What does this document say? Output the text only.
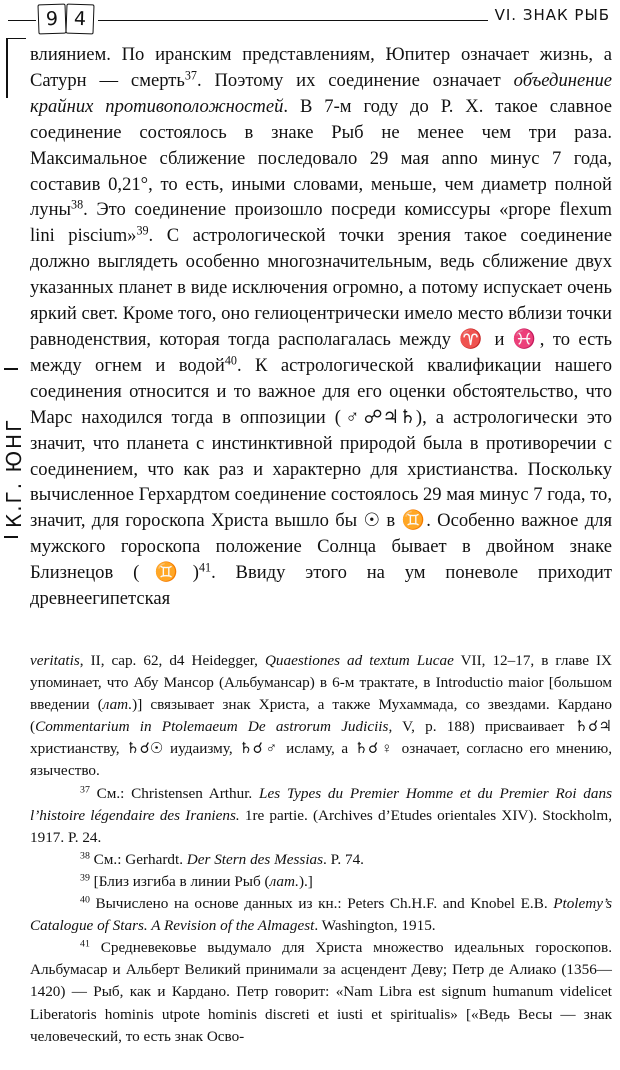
9 4	VI. ЗНАК РЫБ
К.Г. ЮНГ

влиянием. По иранским представлениям, Юпитер означает жизнь, а Сатурн — смерть$^{37}$. Поэтому их соединение означает объединение крайних противоположностей. В 7-м году до Р. Х. такое славное соединение состоялось в знаке Рыб не менее чем три раза. Максимальное сближение последовало 29 мая anno минус 7 года, составив 0,21°, то есть, иными словами, меньше, чем диаметр полной луны$^{38}$. Это соединение произошло посреди комиссуры «prope flexum lini piscium»$^{39}$. С астрологической точки зрения такое соединение должно выглядеть особенно многозначительным, ведь сближение двух указанных планет в виде исключения огромно, а потому испускает очень яркий свет. Кроме того, оно гелиоцентрически имело место вблизи точки равноденствия, которая тогда располагалась между ♈ и ♓, то есть между огнем и водой$^{40}$. К астрологической квалификации нашего соединения относится и то важное для его оценки обстоятельство, что Марс находился тогда в оппозиции (♂☍♃♄), а астрологически это значит, что планета с инстинктивной природой была в противоречии с соединением, что как раз и характерно для христианства. Поскольку вычисленное Герхардтом соединение состоялось 29 мая минус 7 года, то, значит, для гороскопа Христа вышло бы ☉ в ♊. Особенно важное для мужского гороскопа положение Солнца бывает в двойном знаке Близнецов (♊)$^{41}$. Ввиду этого на ум поневоле приходит древнеегипетская

veritatis, II, cap. 62, d4 Heidegger, Quaestiones ad textum Lucae VII, 12–17, в главе IX упоминает, что Абу Мансор (Альбумансар) в 6-м трактате, в Introductio maior [большом введении (лат.)] связывает знак Христа, а также Мухаммада, со звездами. Кардано (Commentarium in Ptolemaeum De astrorum Judiciis, V, p. 188) присваивает ♄☌♃ христианству, ♄☌☉ иудаизму, ♄☌♂ исламу, а ♄☌♀ означает, согласно его мнению, язычество.

$^{37}$ См.: Christensen Arthur. Les Types du Premier Homme et du Premier Roi dans l’histoire légendaire des Iraniens. 1re partie. (Archives d’Etudes orientales XIV). Stockholm, 1917. P. 24.

$^{38}$ См.: Gerhardt. Der Stern des Messias. P. 74.

$^{39}$ [Близ изгиба в линии Рыб (лат.).]

$^{40}$ Вычислено на основе данных из кн.: Peters Ch.H.F. and Knobel E.B. Ptolemy’s Catalogue of Stars. A Revision of the Almagest. Washington, 1915.

$^{41}$ Средневековье выдумало для Христа множество идеальных гороскопов. Альбумасар и Альберт Великий принимали за асцендент Деву; Петр де Алиако (1356—1420) — Рыб, как и Кардано. Петр говорит: «Nam Libra est signum humanum videlicet Liberatoris hominis utpote hominis discreti et iusti et spiritualis» [«Ведь Весы — знак человеческий, то есть знак Осво-
